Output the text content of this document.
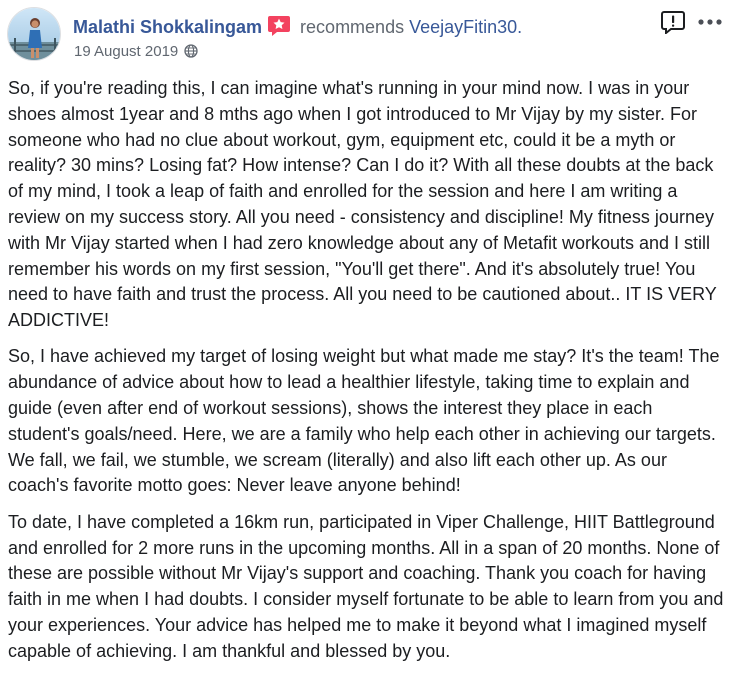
Malathi Shokkalingam recommends VeejayFitin30.
19 August 2019

So, if you're reading this, I can imagine what's running in your mind now. I was in your shoes almost 1year and 8 mths ago when I got introduced to Mr Vijay by my sister. For someone who had no clue about workout, gym, equipment etc, could it be a myth or reality? 30 mins? Losing fat? How intense? Can I do it? With all these doubts at the back of my mind, I took a leap of faith and enrolled for the session and here I am writing a review on my success story. All you need - consistency and discipline! My fitness journey with Mr Vijay started when I had zero knowledge about any of Metafit workouts and I still remember his words on my first session, "You'll get there". And it's absolutely true! You need to have faith and trust the process. All you need to be cautioned about.. IT IS VERY ADDICTIVE!

So, I have achieved my target of losing weight but what made me stay? It's the team! The abundance of advice about how to lead a healthier lifestyle, taking time to explain and guide (even after end of workout sessions), shows the interest they place in each student's goals/need. Here, we are a family who help each other in achieving our targets. We fall, we fail, we stumble, we scream (literally) and also lift each other up. As our coach's favorite motto goes: Never leave anyone behind!

To date, I have completed a 16km run, participated in Viper Challenge, HIIT Battleground and enrolled for 2 more runs in the upcoming months. All in a span of 20 months. None of these are possible without Mr Vijay's support and coaching. Thank you coach for having faith in me when I had doubts. I consider myself fortunate to be able to learn from you and your experiences. Your advice has helped me to make it beyond what I imagined myself capable of achieving. I am thankful and blessed by you.
